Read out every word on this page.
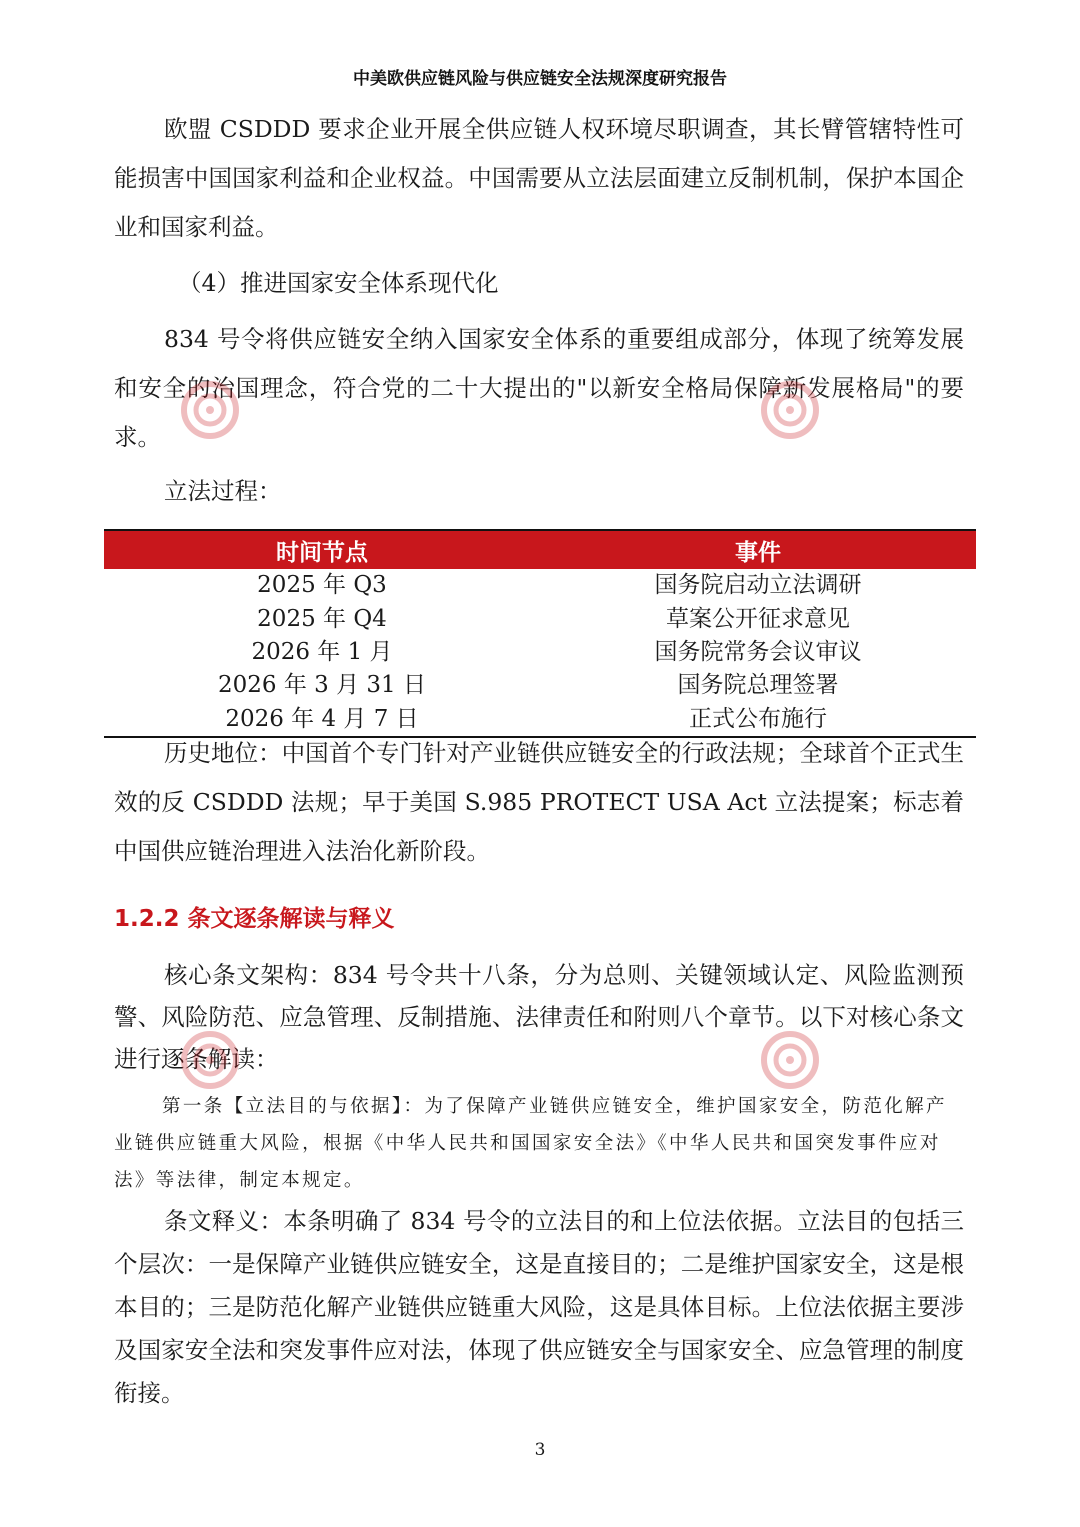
中美欧供应链风险与供应链安全法规深度研究报告

欧盟 CSDDD 要求企业开展全供应链人权环境尽职调查，其长臂管辖特性可能损害中国国家利益和企业权益。中国需要从立法层面建立反制机制，保护本国企业和国家利益。

（4）推进国家安全体系现代化

834 号令将供应链安全纳入国家安全体系的重要组成部分，体现了统筹发展和安全的治国理念，符合党的二十大提出的"以新安全格局保障新发展格局"的要求。

立法过程：

时间节点	事件
2025 年 Q3	国务院启动立法调研
2025 年 Q4	草案公开征求意见
2026 年 1 月	国务院常务会议审议
2026 年 3 月 31 日	国务院总理签署
2026 年 4 月 7 日	正式公布施行

历史地位：中国首个专门针对产业链供应链安全的行政法规；全球首个正式生效的反 CSDDD 法规；早于美国 S.985 PROTECT USA Act 立法提案；标志着中国供应链治理进入法治化新阶段。

1.2.2 条文逐条解读与释义

核心条文架构：834 号令共十八条，分为总则、关键领域认定、风险监测预警、风险防范、应急管理、反制措施、法律责任和附则八个章节。以下对核心条文进行逐条解读：

第一条【立法目的与依据】：为了保障产业链供应链安全，维护国家安全，防范化解产业链供应链重大风险，根据《中华人民共和国国家安全法》《中华人民共和国突发事件应对法》等法律，制定本规定。

条文释义：本条明确了 834 号令的立法目的和上位法依据。立法目的包括三个层次：一是保障产业链供应链安全，这是直接目的；二是维护国家安全，这是根本目的；三是防范化解产业链供应链重大风险，这是具体目标。上位法依据主要涉及国家安全法和突发事件应对法，体现了供应链安全与国家安全、应急管理的制度衔接。

3
